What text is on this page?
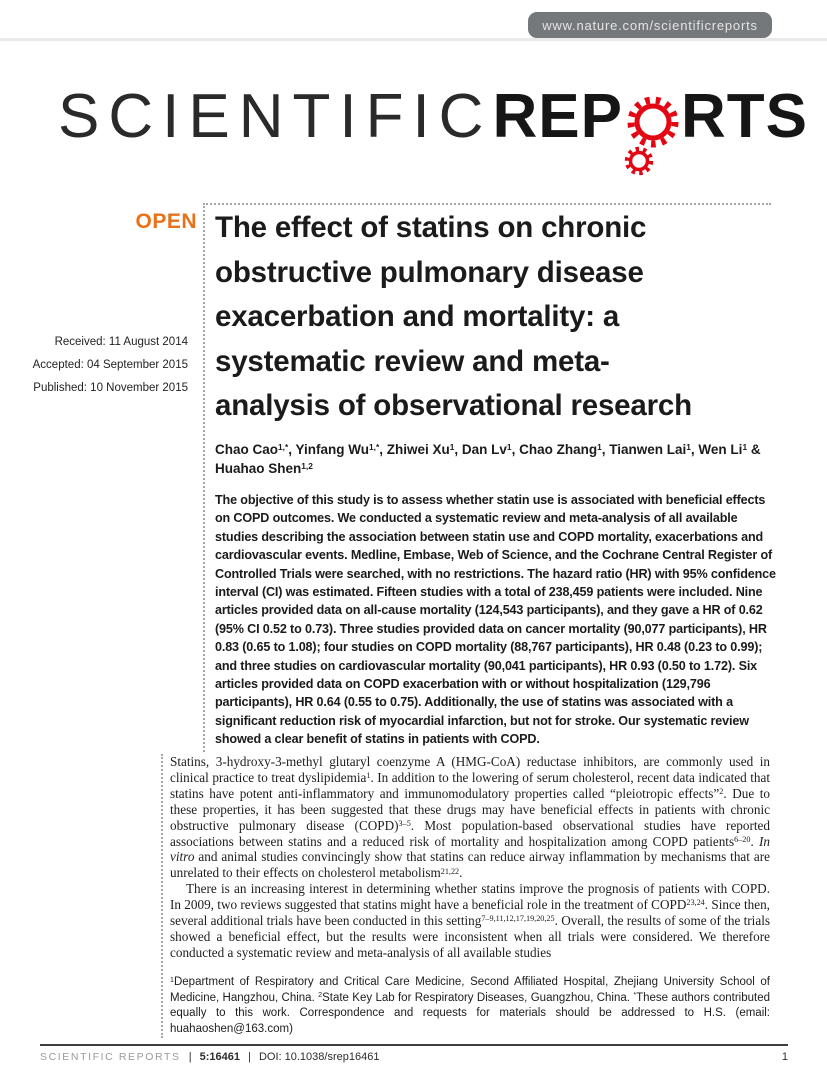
www.nature.com/scientificreports
SCIENTIFIC REP RTS
OPEN
Received: 11 August 2014
Accepted: 04 September 2015
Published: 10 November 2015
The effect of statins on chronic
obstructive pulmonary disease
exacerbation and mortality: a
systematic review and meta-
analysis of observational research
Chao Cao$^{1,*}$, Yinfang $Wu^{1,*}$, Zhiwei Xu$^1$, Dan Lv$^1$, Chao Zhang$^1$, Tianwen Lai$^1$, Wen Li$^1$ & Huahao Shen$^{1,2}$
The objective of this study is to assess whether statin use is associated with beneficial effects on COPD outcomes. We conducted a systematic review and meta-analysis of all available studies describing the association between statin use and COPD mortality, exacerbations and cardiovascular events. Medline, Embase, Web of Science, and the Cochrane Central Register of Controlled Trials were searched, with no restrictions. The hazard ratio (HR) with 95% confidence interval (CI) was estimated. Fifteen studies with a total of 238,459 patients were included. Nine articles provided data on all-cause mortality (124,543 participants), and they gave a HR of 0.62 (95% CI 0.52 to 0.73). Three studies provided data on cancer mortality (90,077 participants), HR 0.83 (0.65 to 1.08); four studies on COPD mortality (88,767 participants), HR 0.48 (0.23 to 0.99); and three studies on cardiovascular mortality (90,041 participants), HR 0.93 (0.50 to 1.72). Six articles provided data on COPD exacerbation with or without hospitalization (129,796 participants), HR 0.64 (0.55 to 0.75). Additionally, the use of statins was associated with a significant reduction risk of myocardial infarction, but not for stroke. Our systematic review showed a clear benefit of statins in patients with COPD.

Statins, 3-hydroxy-3-methyl glutaryl coenzyme A (HMG-CoA) reductase inhibitors, are commonly used in clinical practice to treat dyslipidemia$^1$. In addition to the lowering of serum cholesterol, recent data indicated that statins have potent anti-inflammatory and immunomodulatory properties called “pleiotropic effects”$^2$. Due to these properties, it has been suggested that these drugs may have beneficial effects in patients with chronic obstructive pulmonary disease (COPD)$^{3-5}$. Most population-based observational studies have reported associations between statins and a reduced risk of mortality and hospitalization among COPD patients$^{6-20}$. In vitro and animal studies convincingly show that statins can reduce airway inflammation by mechanisms that are unrelated to their effects on cholesterol metabolism$^{21,22}$.

There is an increasing interest in determining whether statins improve the prognosis of patients with COPD. In 2009, two reviews suggested that statins might have a beneficial role in the treatment of COPD$^{23,24}$. Since then, several additional trials have been conducted in this setting$^{7-9,11,12,17,19,20,25}$. Overall, the results of some of the trials showed a beneficial effect, but the results were inconsistent when all trials were considered. We therefore conducted a systematic review and meta-analysis of all available studies

$^1$Department of Respiratory and Critical Care Medicine, Second Affiliated Hospital, Zhejiang University School of Medicine, Hangzhou, China. $^2$State Key Lab for Respiratory Diseases, Guangzhou, China. *These authors contributed equally to this work. Correspondence and requests for materials should be addressed to H.S. (email: huahaoshen@163.com)
SCIENTIFIC REPORTS | 5:16461 | DOI: 10.1038/srep16461	1
